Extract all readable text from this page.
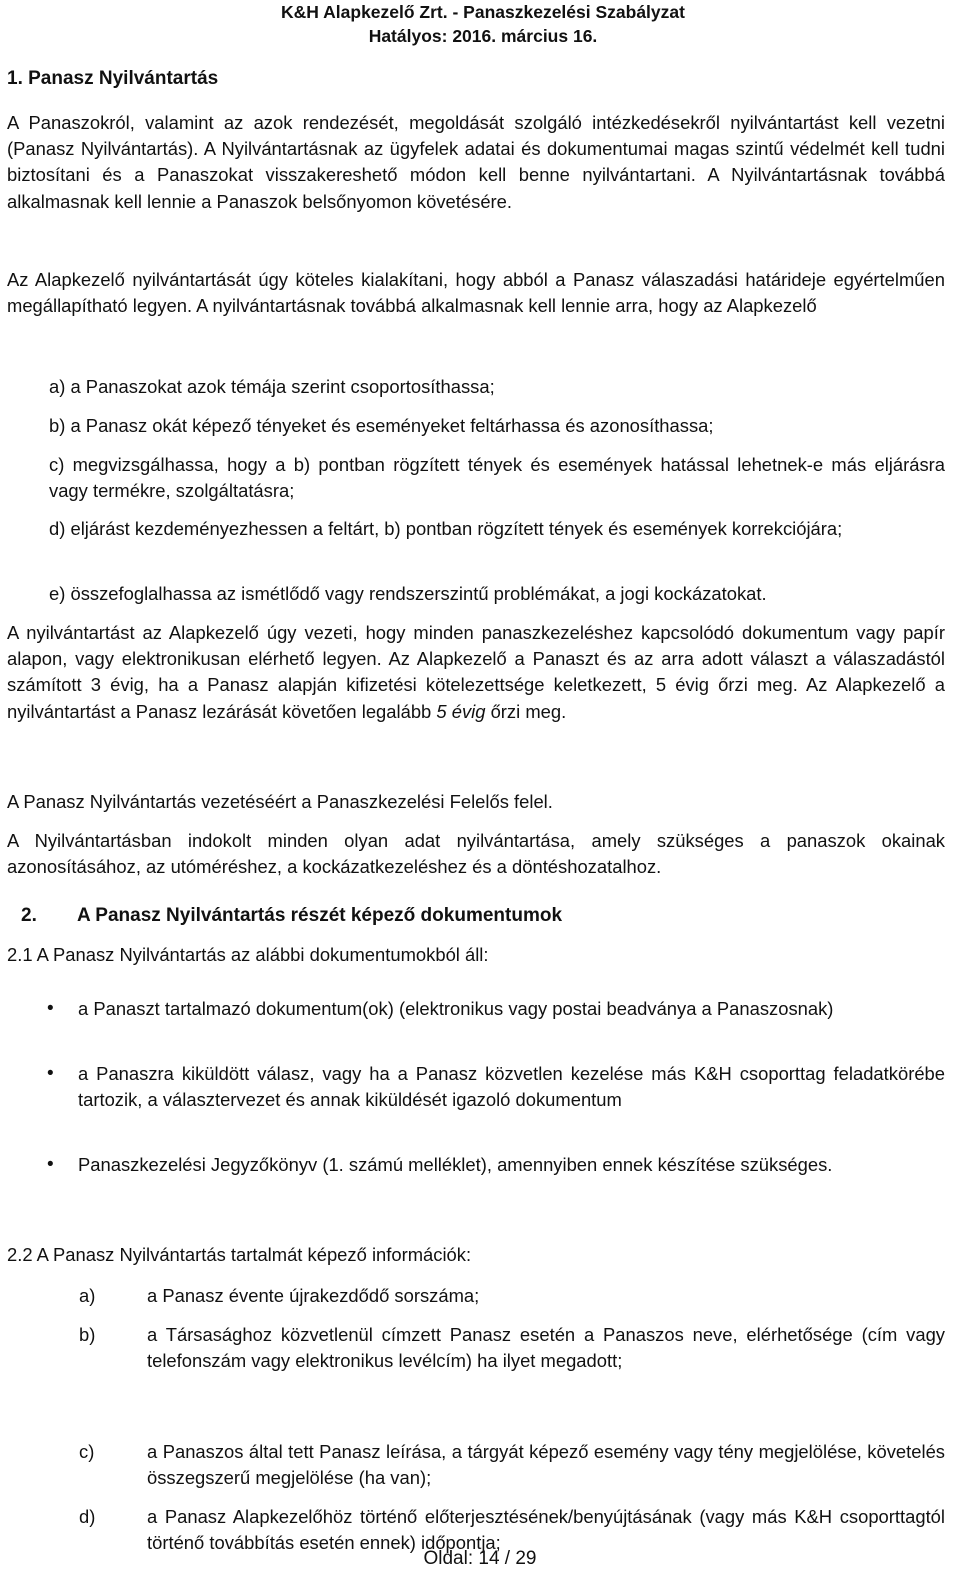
K&H Alapkezelő Zrt. - Panaszkezelési Szabályzat
Hatályos: 2016. március 16.
1. Panasz Nyilvántartás
A Panaszokról, valamint az azok rendezését, megoldását szolgáló intézkedésekről nyilvántartást kell vezetni (Panasz Nyilvántartás). A Nyilvántartásnak az ügyfelek adatai és dokumentumai magas szintű védelmét kell tudni biztosítani és a Panaszokat visszakereshető módon kell benne nyilvántartani. A Nyilvántartásnak továbbá alkalmasnak kell lennie a Panaszok belsőnyomon követésére.
Az Alapkezelő nyilvántartását úgy köteles kialakítani, hogy abból a Panasz válaszadási határideje egyértelműen megállapítható legyen. A nyilvántartásnak továbbá alkalmasnak kell lennie arra, hogy az Alapkezelő
a) a Panaszokat azok témája szerint csoportosíthassa;
b) a Panasz okát képező tényeket és eseményeket feltárhassa és azonosíthassa;
c) megvizsgálhassa, hogy a b) pontban rögzített tények és események hatással lehetnek-e más eljárásra vagy termékre, szolgáltatásra;
d) eljárást kezdeményezhessen a feltárt, b) pontban rögzített tények és események korrekciójára;
e) összefoglalhassa az ismétlődő vagy rendszerszintű problémákat, a jogi kockázatokat.
A nyilvántartást az Alapkezelő úgy vezeti, hogy minden panaszkezeléshez kapcsolódó dokumentum vagy papír alapon, vagy elektronikusan elérhető legyen. Az Alapkezelő a Panaszt és az arra adott választ a válaszadástól számított 3 évig, ha a Panasz alapján kifizetési kötelezettsége keletkezett, 5 évig őrzi meg. Az Alapkezelő a nyilvántartást a Panasz lezárását követően legalább 5 évig őrzi meg.
A Panasz Nyilvántartás vezetéséért a Panaszkezelési Felelős felel.
A Nyilvántartásban indokolt minden olyan adat nyilvántartása, amely szükséges a panaszok okainak azonosításához, az utóméréshez, a kockázatkezeléshez és a döntéshozatalhoz.
2. A Panasz Nyilvántartás részét képező dokumentumok
2.1 A Panasz Nyilvántartás az alábbi dokumentumokból áll:
•	a Panaszt tartalmazó dokumentum(ok) (elektronikus vagy postai beadványa a Panaszosnak)
•	a Panaszra kiküldött válasz, vagy ha a Panasz közvetlen kezelése más K&H csoporttag feladatkörébe tartozik, a választervezet és annak kiküldését igazoló dokumentum
•	Panaszkezelési Jegyzőkönyv (1. számú melléklet), amennyiben ennek készítése szükséges.
2.2 A Panasz Nyilvántartás tartalmát képező információk:
a)	a Panasz évente újrakezdődő sorszáma;
b)	a Társasághoz közvetlenül címzett Panasz esetén a Panaszos neve, elérhetősége (cím vagy telefonszám vagy elektronikus levélcím) ha ilyet megadott;
c)	a Panaszos által tett Panasz leírása, a tárgyát képező esemény vagy tény megjelölése, követelés összegszerű megjelölése (ha van);
d)	a Panasz Alapkezelőhöz történő előterjesztésének/benyújtásának (vagy más K&H csoporttagtól történő továbbítás esetén ennek) időpontja;
Oldal: 14 / 29
